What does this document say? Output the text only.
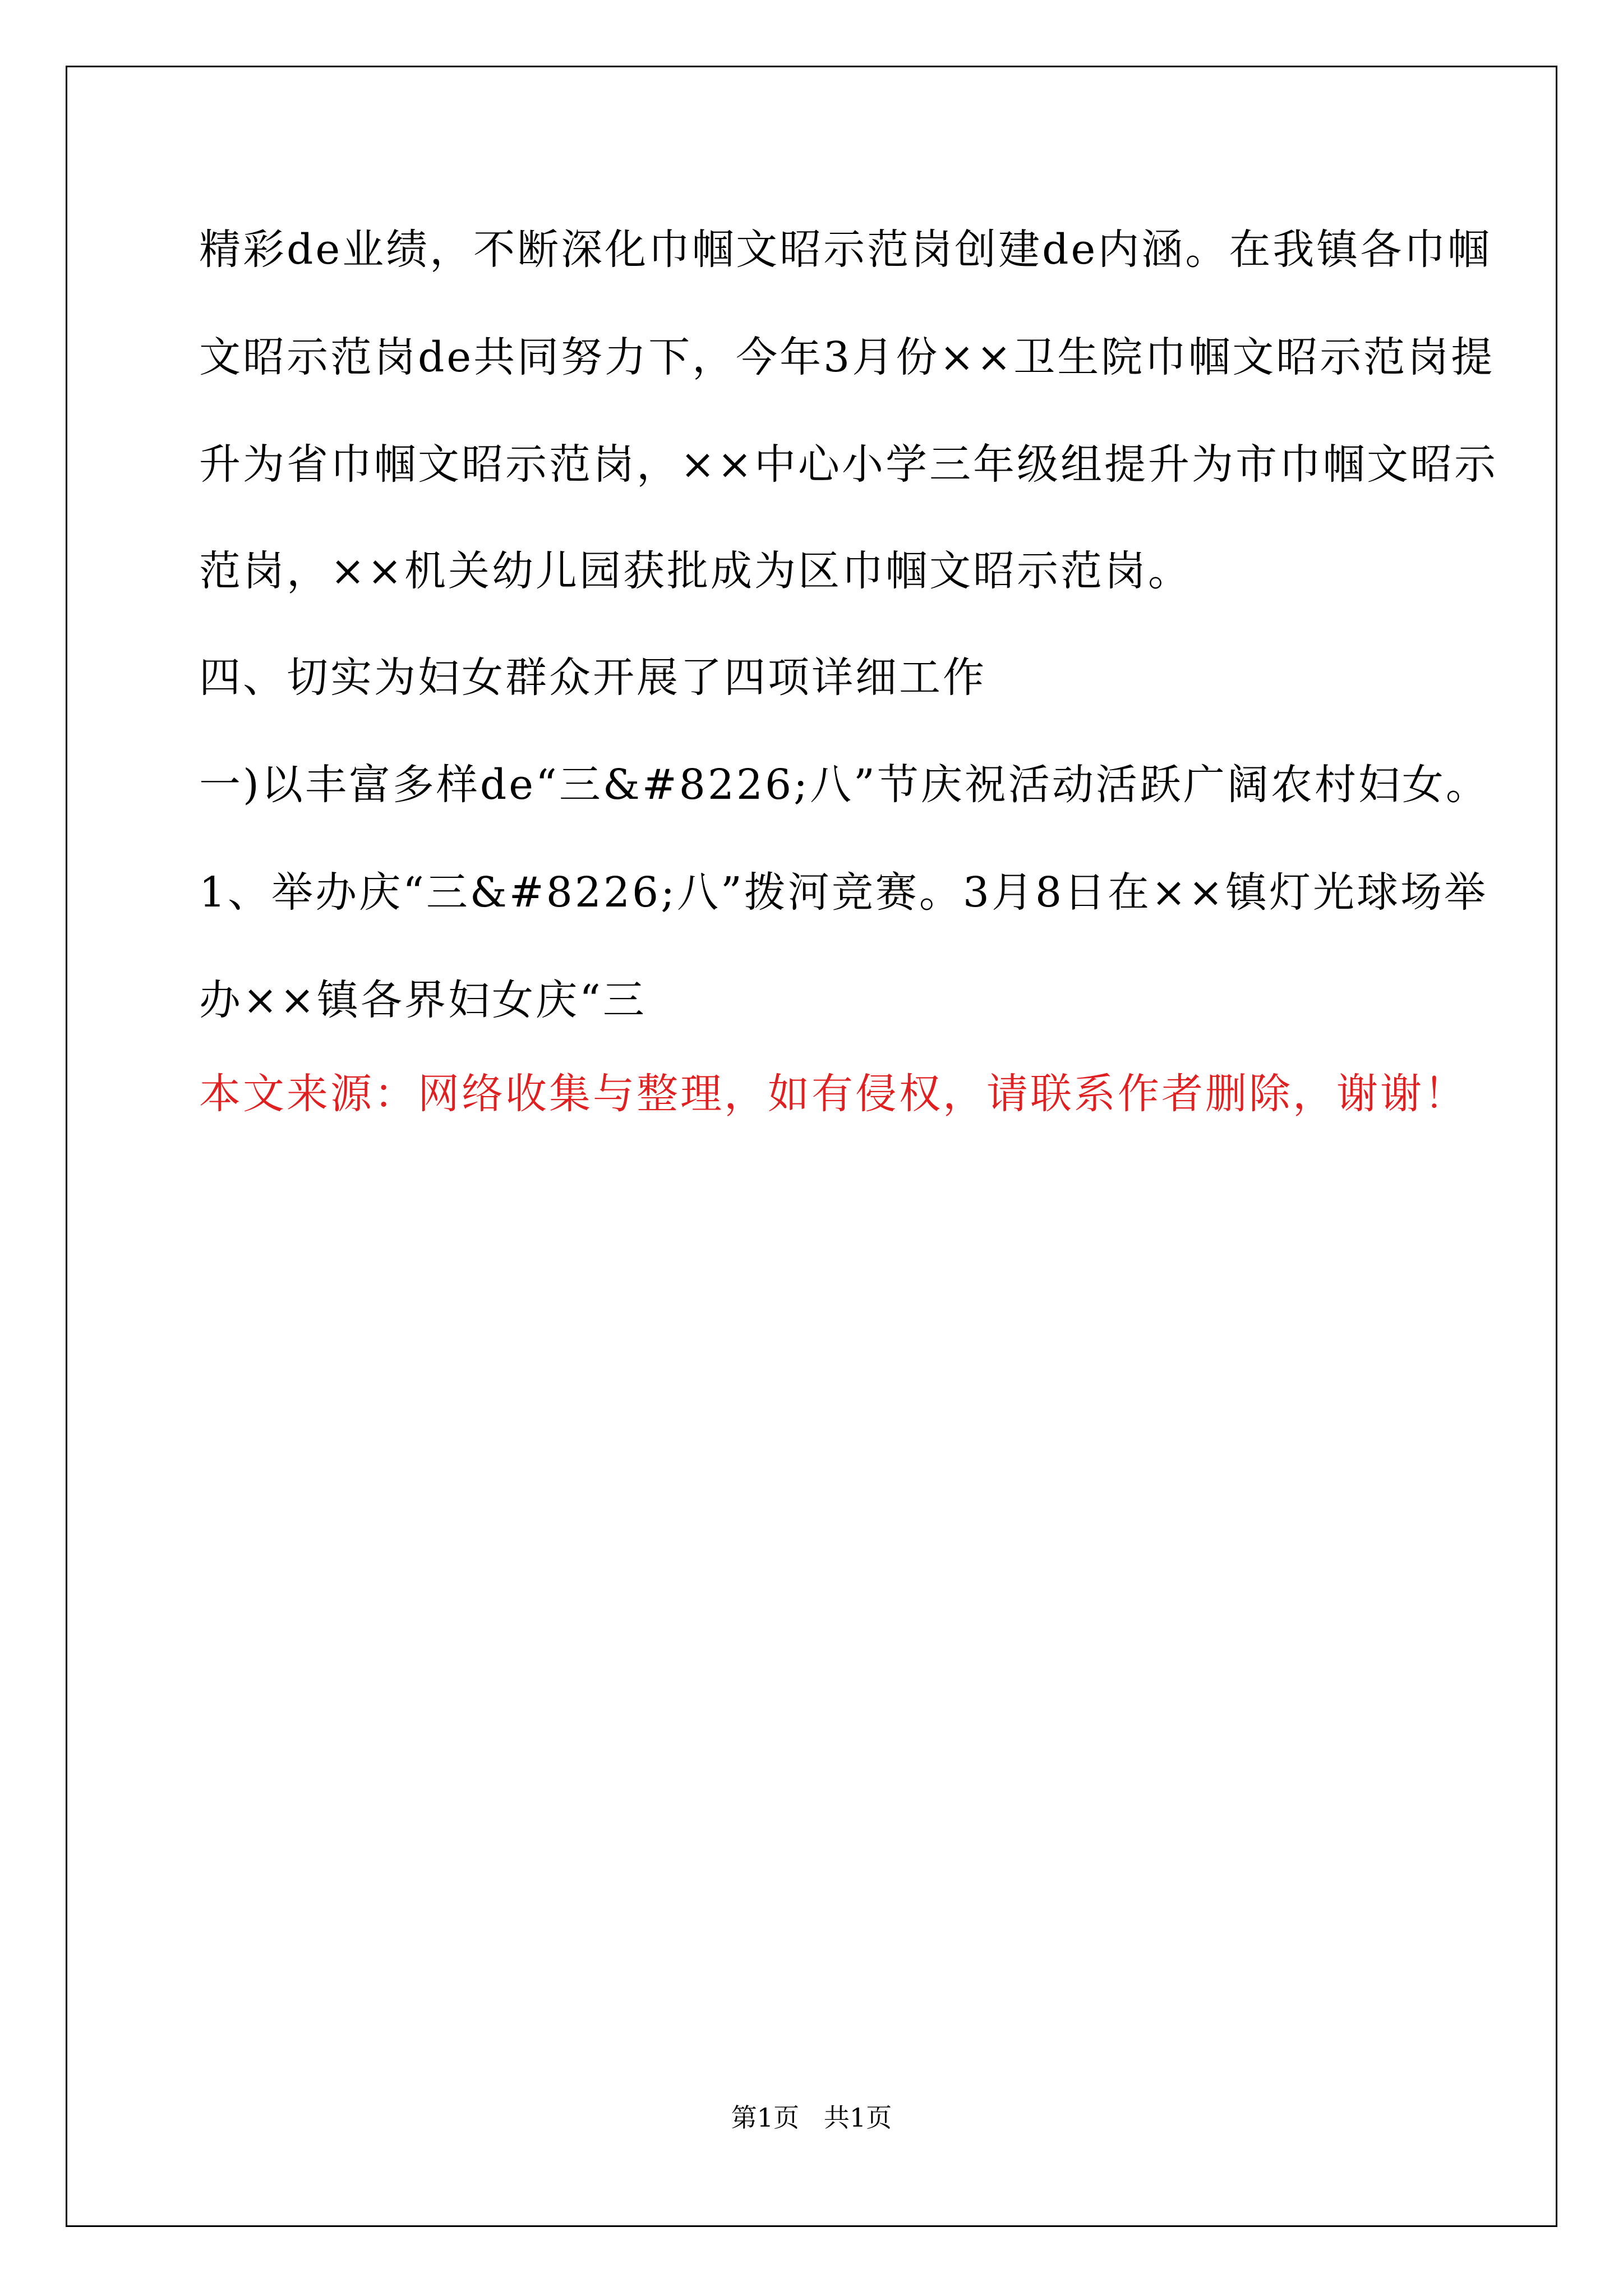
精彩de业绩，不断深化巾帼文昭示范岗创建de内涵。在我镇各巾帼
文昭示范岗de共同努力下，今年3月份××卫生院巾帼文昭示范岗提
升为省巾帼文昭示范岗，××中心小学三年级组提升为市巾帼文昭示
范岗，××机关幼儿园获批成为区巾帼文昭示范岗。
四、切实为妇女群众开展了四项详细工作
一)以丰富多样de“三&#8226;八”节庆祝活动活跃广阔农村妇女。
1、举办庆“三&#8226;八”拨河竞赛。3月8日在××镇灯光球场举
办××镇各界妇女庆“三
本文来源：网络收集与整理，如有侵权，请联系作者删除，谢谢！
第1页   共1页
